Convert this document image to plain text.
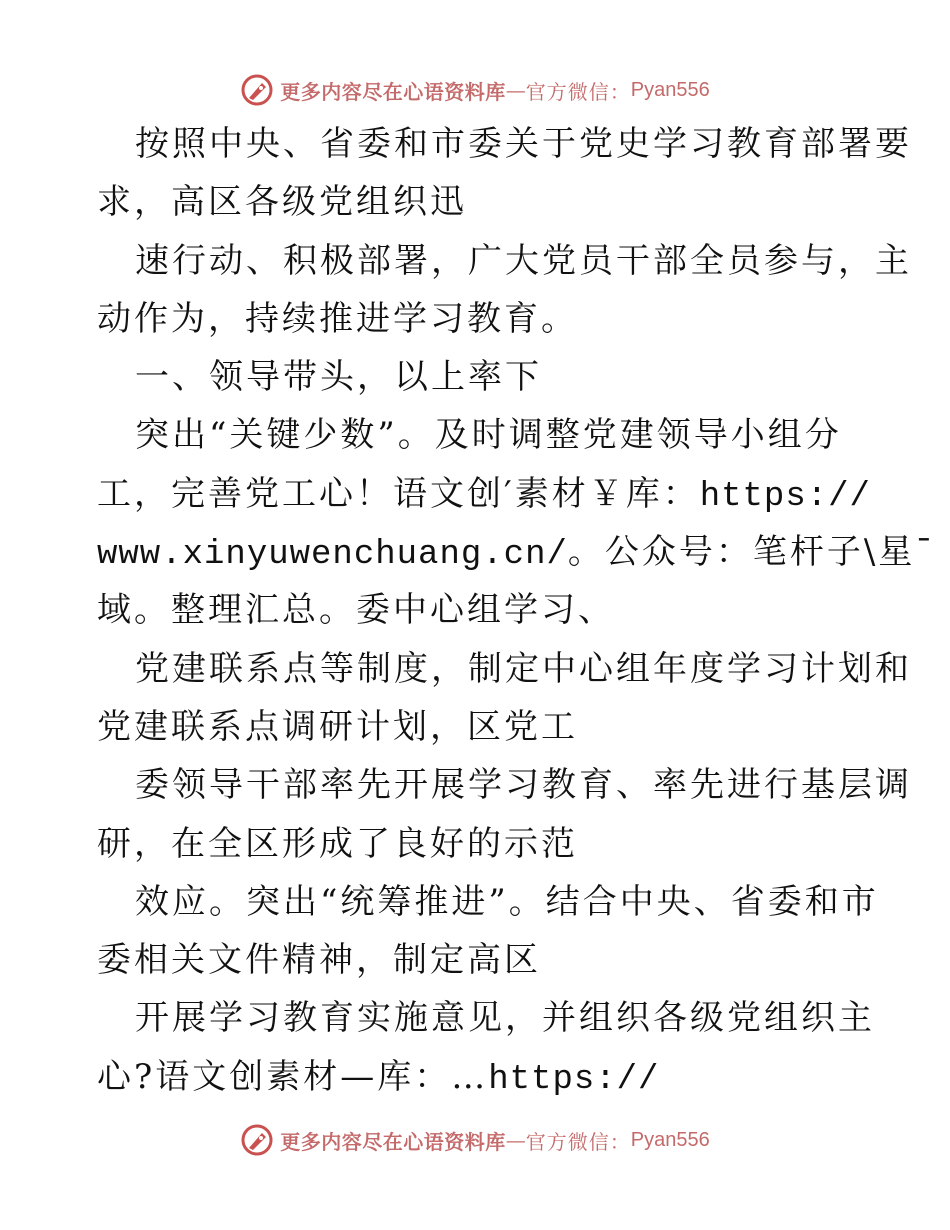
更多内容尽在心语资料库 — 官方微信： Pyan556
按照中央、省委和市委关于党史学习教育部署要
求，高区各级党组织迅
速行动、积极部署，广大党员干部全员参与，主
动作为，持续推进学习教育。
一、领导带头，以上率下
突出“关键少数”。及时调整党建领导小组分
工，完善党工心！语文创′素材￥库：https://
www.xinyuwenchuang.cn/。公众号：笔杆子\星¯
域。整理汇总。委中心组学习、
党建联系点等制度，制定中心组年度学习计划和
党建联系点调研计划，区党工
委领导干部率先开展学习教育、率先进行基层调
研，在全区形成了良好的示范
效应。突出“统筹推进”。结合中央、省委和市
委相关文件精神，制定高区
开展学习教育实施意见，并组织各级党组织主
心?语文创素材—库：…https://
更多内容尽在心语资料库 — 官方微信： Pyan556
